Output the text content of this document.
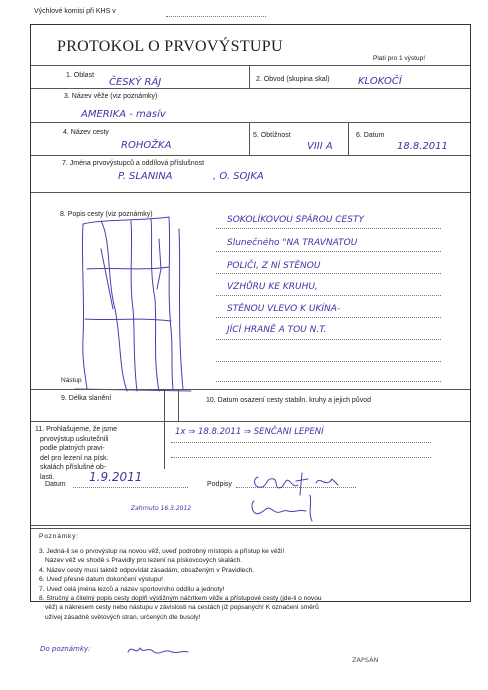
Výchlové komisi při KHS v
PROTOKOL O PRVOVÝSTUPU
Platí pro 1 výstup!
1. Oblast
ČESKÝ RÁJ	2. Obvod (skupina skal)	KLOKOČÍ
3. Název věže (viz poznámky)
AMERIKA - masív
4. Název cesty
ROHOŽKA
5. Obtížnost
VIII A
6. Datum
18.8.2011
7. Jména prvovýstupců a oddílová příslušnost
P. SLANINA	, O. SOJKA
8. Popis cesty (viz poznámky)
Nástup
SOKOLÍKOVOU SPÁROU CESTY
Slunečného "NA TRAVNATOU
POLIČI, Z NÍ STĚNOU
VZHŮRU KE KRUHU,
STĚNOU VLEVO K UKÍNA-
JÍCÍ HRANĚ A TOU N.T.
9. Délka slanění	10. Datum osazení cesty stabiln. kruhy a jejich původ
11. Prohlašujeme, že jsme
prvovýstup uskutečnili
podle platných pravi-
del pro lezení na písk.
skalách příslušné ob-
lasti.
1x ⇒ 18.8.2011 ⇒ SENČANI LEPENÍ
Datum
1.9.2011
Podpisy
Zahrnuto 16.3.2012
Poznámky:
3. Jedná-li se o prvovýstup na novou věž, uveď podrobný místopis a přístup ke věži!
Název věž ve shodě s Pravidly pro lezení na pískovcových skalách.
4. Název cesty musí taktéž odpovídat zásadám, obsaženým v Pravidlech.
6. Uveď přesné datum dokončení výstupu!
7. Uveď celá jména lezců a název sportovního oddílu a jednoty!
8. Stručný a čitelný popis cesty doplň výstižným náčrtkem věže a přístupové cesty (jde-li o novou
věž) a nákresem cesty nebo nástupu v závislosti na cestách již popsaných! K označení směrů
užívej zásadně světových stran, určených dle busoly!
Do poznámky:
ZAPSÁN
